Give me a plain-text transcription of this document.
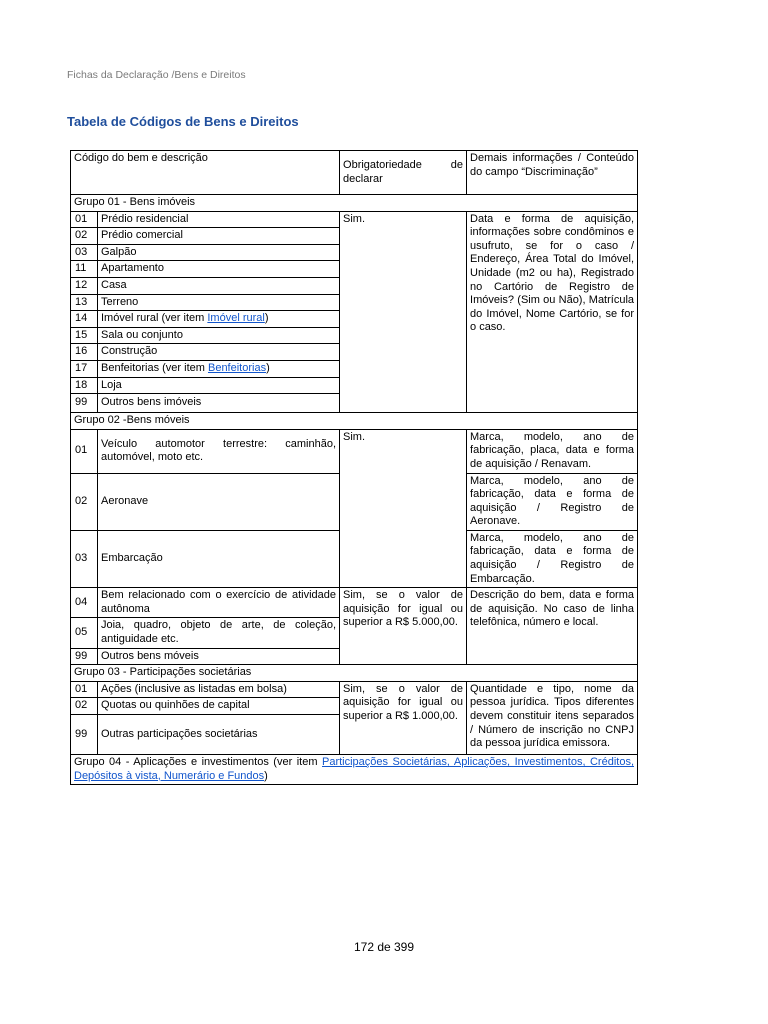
Fichas da Declaração /Bens e Direitos
Tabela de Códigos de Bens e Direitos
Código do bem e descrição		Obrigatoriedade de declarar	Demais informações / Conteúdo do campo “Discriminação”
Grupo 01 - Bens imóveis			
01	Prédio residencial	Sim.	Data e forma de aquisição, informações sobre condôminos e usufruto, se for o caso / Endereço, Área Total do Imóvel, Unidade (m2 ou ha), Registrado no Cartório de Registro de Imóveis? (Sim ou Não), Matrícula do Imóvel, Nome Cartório, se for o caso.
02	Prédio comercial		
03	Galpão		
11	Apartamento		
12	Casa		
13	Terreno		
14	Imóvel rural (ver item Imóvel rural)		
15	Sala ou conjunto		
16	Construção		
17	Benfeitorias (ver item Benfeitorias)		
18	Loja		
99	Outros bens imóveis		
Grupo 02 -Bens móveis			
01	Veículo automotor terrestre: caminhão, automóvel, moto etc.	Sim.	Marca, modelo, ano de fabricação, placa, data e forma de aquisição / Renavam.
02	Aeronave		Marca, modelo, ano de fabricação, data e forma de aquisição / Registro de Aeronave.
03	Embarcação		Marca, modelo, ano de fabricação, data e forma de aquisição / Registro de Embarcação.
04	Bem relacionado com o exercício de atividade autônoma	Sim, se o valor de aquisição for igual ou superior a R$ 5.000,00.	Descrição do bem, data e forma de aquisição. No caso de linha telefônica, número e local.
05	Joia, quadro, objeto de arte, de coleção, antiguidade etc.		
99	Outros bens móveis		
Grupo 03 - Participações societárias			
01	Ações (inclusive as listadas em bolsa)	Sim, se o valor de aquisição for igual ou superior a R$ 1.000,00.	Quantidade e tipo, nome da pessoa jurídica. Tipos diferentes devem constituir itens separados / Número de inscrição no CNPJ da pessoa jurídica emissora.
02	Quotas ou quinhões de capital		
99	Outras participações societárias		
Grupo 04 - Aplicações e investimentos (ver item Participações Societárias, Aplicações, Investimentos, Créditos, Depósitos à vista, Numerário e Fundos)			
172 de 399
